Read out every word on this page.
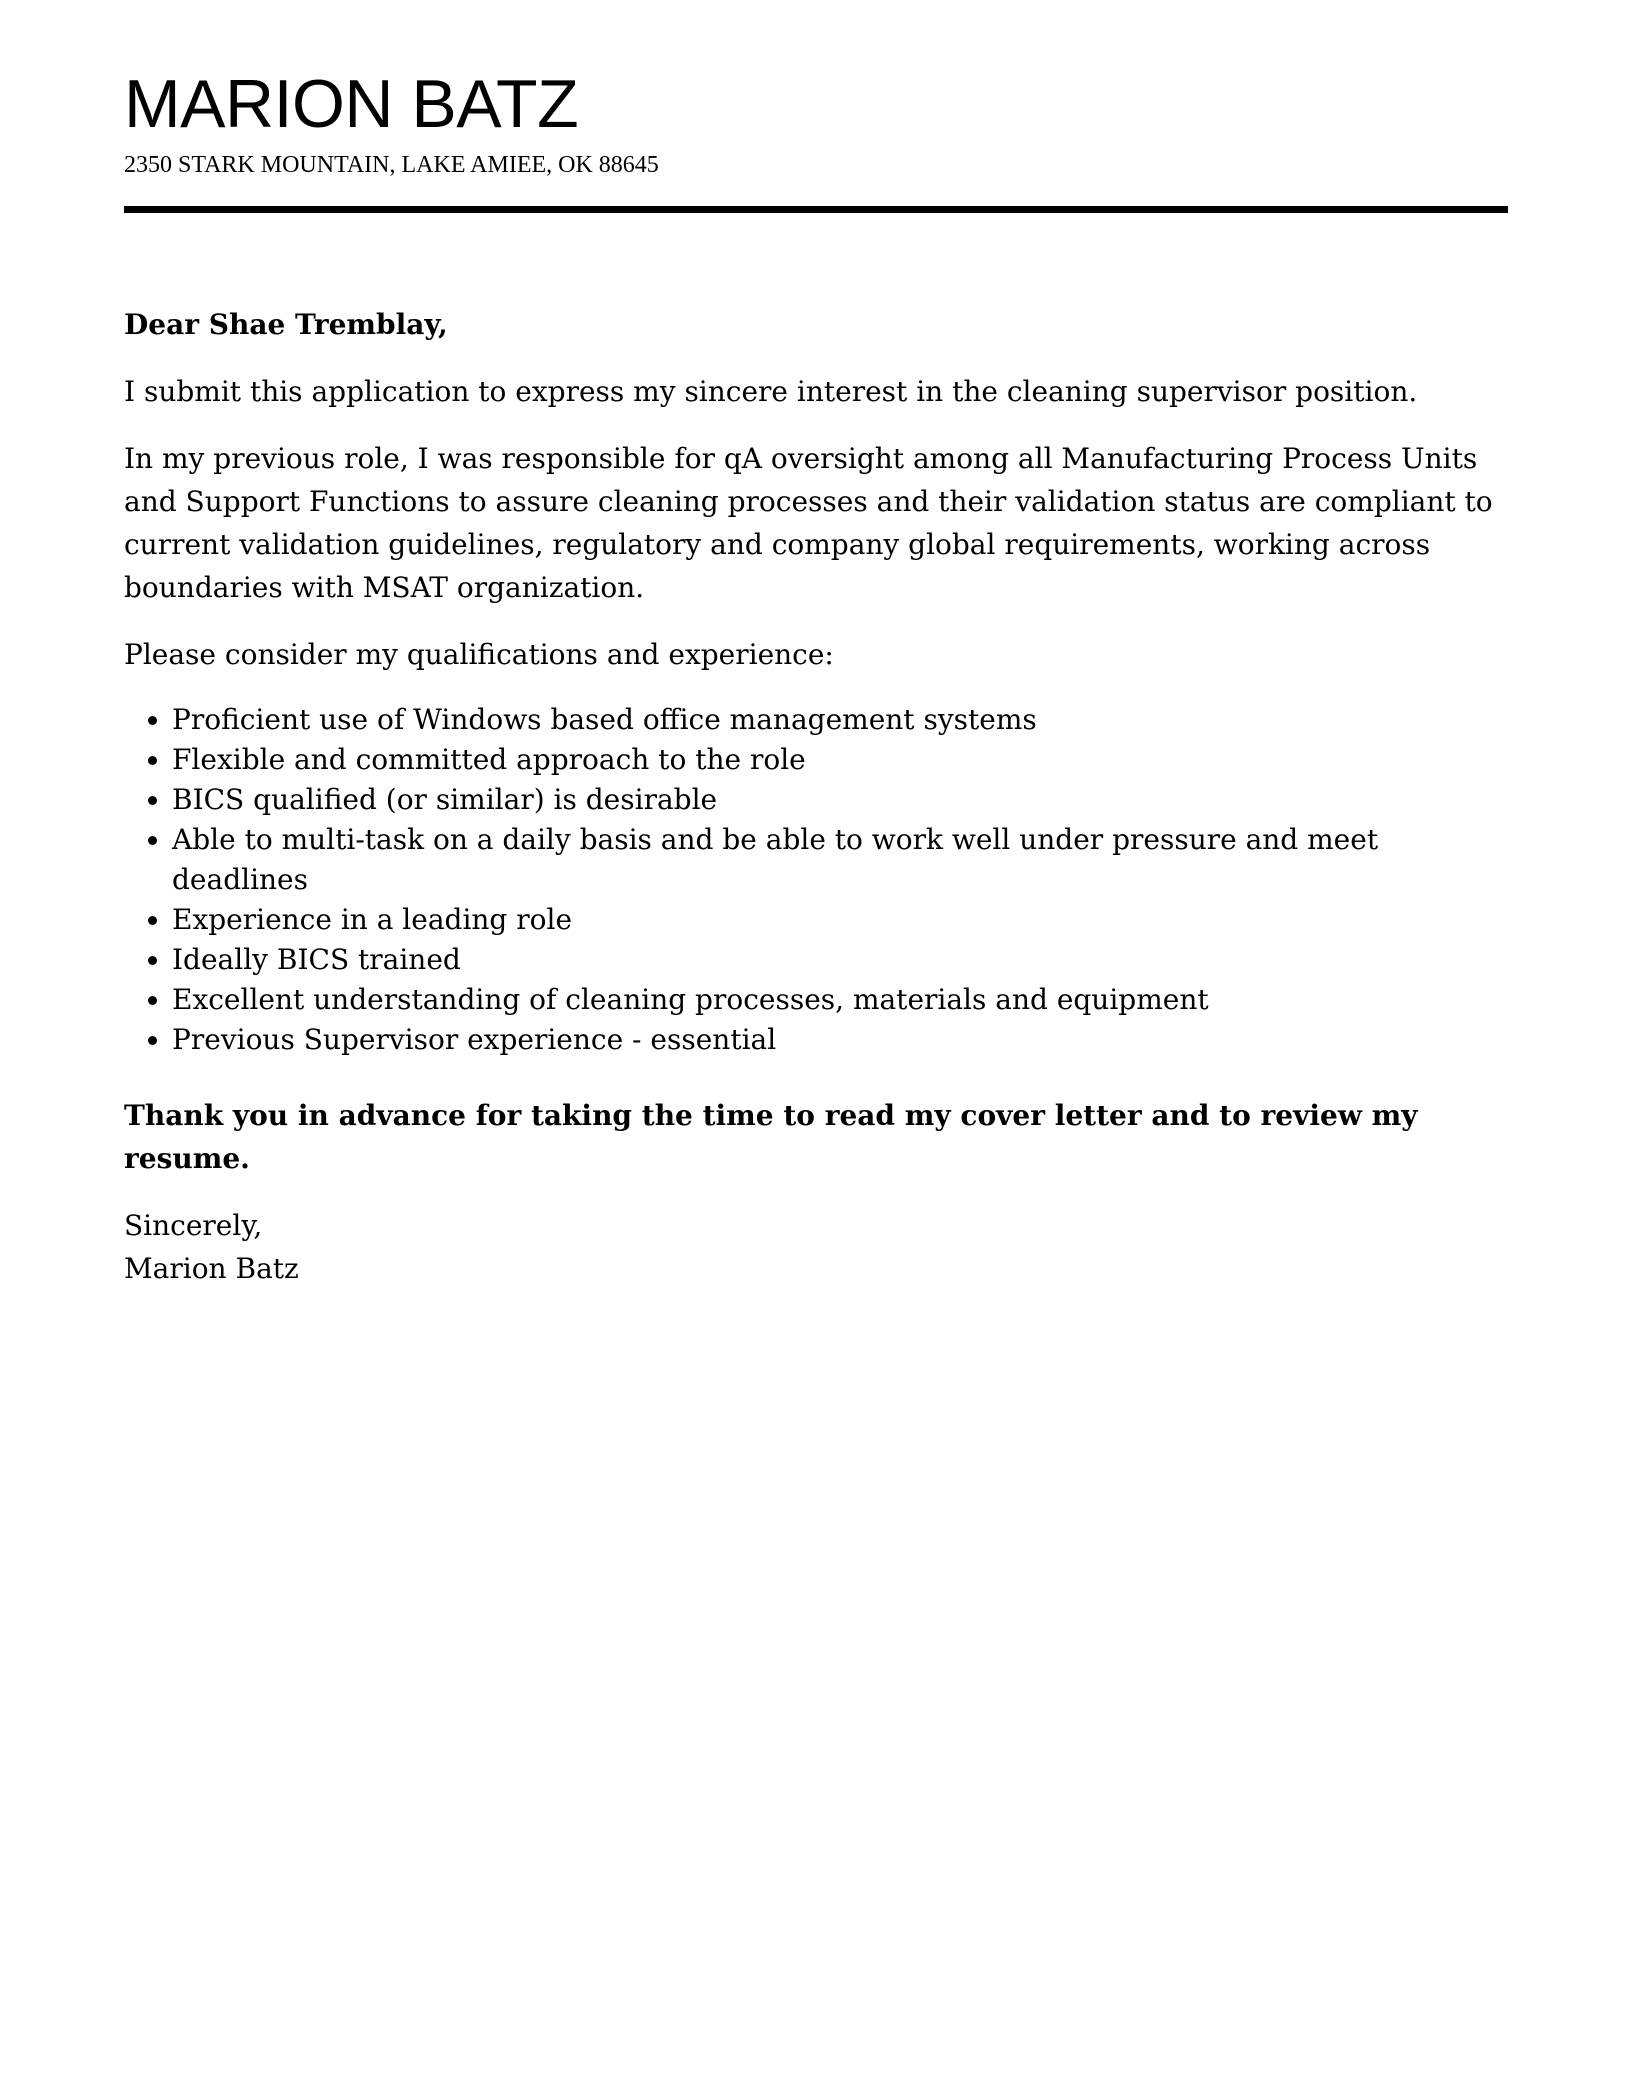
MARION BATZ
2350 STARK MOUNTAIN, LAKE AMIEE, OK 88645

Dear Shae Tremblay,

I submit this application to express my sincere interest in the cleaning supervisor position.

In my previous role, I was responsible for qA oversight among all Manufacturing Process Units and Support Functions to assure cleaning processes and their validation status are compliant to current validation guidelines, regulatory and company global requirements, working across boundaries with MSAT organization.

Please consider my qualifications and experience:

• Proficient use of Windows based office management systems
• Flexible and committed approach to the role
• BICS qualified (or similar) is desirable
• Able to multi-task on a daily basis and be able to work well under pressure and meet deadlines
• Experience in a leading role
• Ideally BICS trained
• Excellent understanding of cleaning processes, materials and equipment
• Previous Supervisor experience - essential

Thank you in advance for taking the time to read my cover letter and to review my resume.

Sincerely,
Marion Batz
